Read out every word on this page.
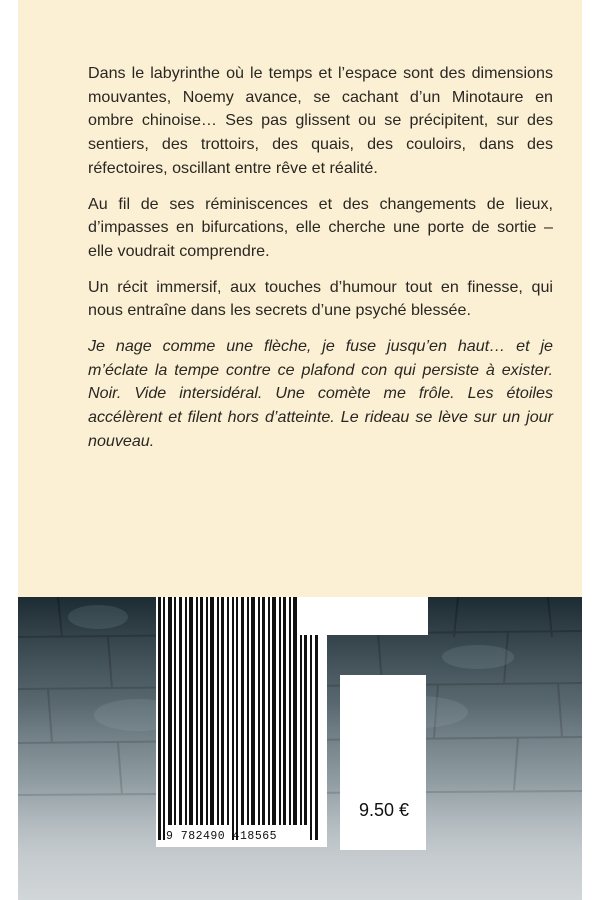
Dans le labyrinthe où le temps et l’espace sont des dimensions mouvantes, Noemy avance, se cachant d’un Minotaure en ombre chinoise… Ses pas glissent ou se précipitent, sur des sentiers, des trottoirs, des quais, des couloirs, dans des réfectoires, oscillant entre rêve et réalité.

Au fil de ses réminiscences et des changements de lieux, d’impasses en bifurcations, elle cherche une porte de sortie – elle voudrait comprendre.

Un récit immersif, aux touches d’humour tout en finesse, qui nous entraîne dans les secrets d’une psyché blessée.

Je nage comme une flèche, je fuse jusqu’en haut… et je m’éclate la tempe contre ce plafond con qui persiste à exister. Noir. Vide intersidéral. Une comète me frôle. Les étoiles accélèrent et filent hors d’atteinte. Le rideau se lève sur un jour nouveau.

9 782490 418565
9.50 €
